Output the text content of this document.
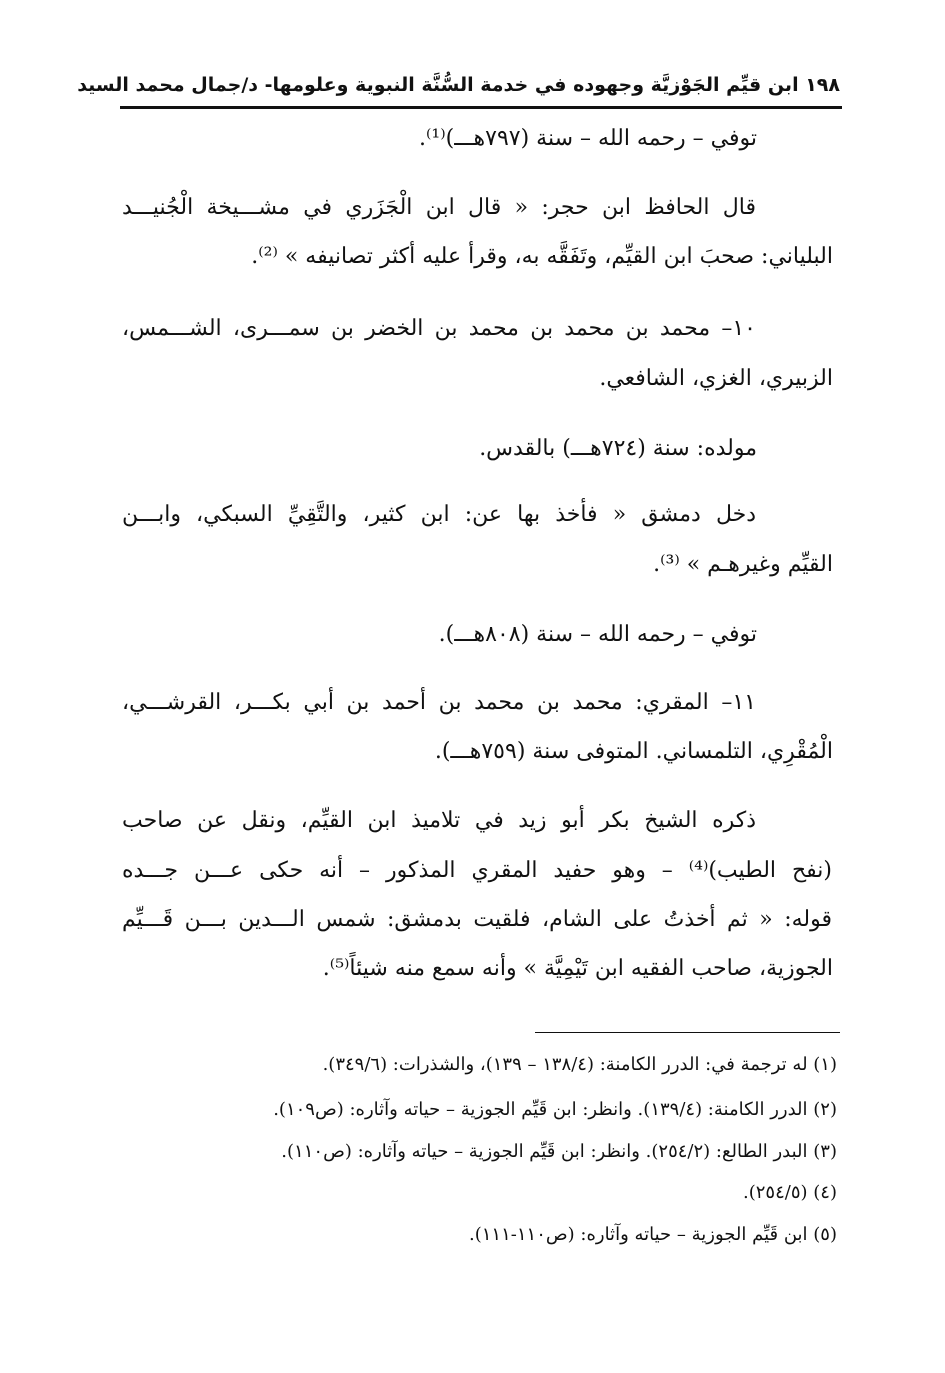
١٩٨ ابن قيِّم الجَوْزيَّة وجهوده في خدمة السُّنَّة النبوية وعلومها- د/جمال محمد السيد
توفي – رحمه الله – سنة (٧٩٧هـــ)⁽¹⁾.
قال الحافظ ابن حجر: « قال ابن الْجَزَري في مشـــيخة الْجُنيـــد
البلياني: صحبَ ابن القيِّم، وتَفَقَّه به، وقرأ عليه أكثر تصانيفه » ⁽²⁾.
١٠– محمد بن محمد بن محمد بن الخضر بن سمـــرى، الشـــمس،
الزبيري، الغزي، الشافعي.
مولده: سنة (٧٢٤هـــ) بالقدس.
دخل دمشق « فأخذ بها عن: ابن كثير، والتَّقِيِّ السبكي، وابـــن
القيِّم وغيرهـم » ⁽³⁾.
توفي – رحمه الله – سنة (٨٠٨هـــ).
١١– المقري: محمد بن محمد بن أحمد بن أبي بكـــر، القرشـــي،
الْمُقْرِي، التلمساني. المتوفى سنة (٧٥٩هـــ).
ذكره الشيخ بكر أبو زيد في تلاميذ ابن القيِّم، ونقل عن صاحب
(نفح الطيب)⁽⁴⁾ – وهو حفيد المقري المذكور – أنه حكى عـــن جـــده
قوله: « ثم أخذتُ على الشام، فلقيت بدمشق: شمس الـــدين بـــن قَـــيِّم
الجوزية، صاحب الفقيه ابن تَيْمِيَّة » وأنه سمع منه شيئاً⁽⁵⁾.
(١) له ترجمة في: الدرر الكامنة: (١٣٨/٤ – ١٣٩)، والشذرات: (٣٤٩/٦).
(٢) الدرر الكامنة: (١٣٩/٤). وانظر: ابن قَيِّم الجوزية – حياته وآثاره: (ص١٠٩).
(٣) البدر الطالع: (٢٥٤/٢). وانظر: ابن قَيِّم الجوزية – حياته وآثاره: (ص١١٠).
(٤) (٢٥٤/٥).
(٥) ابن قَيِّم الجوزية – حياته وآثاره: (ص١١٠-١١١).
